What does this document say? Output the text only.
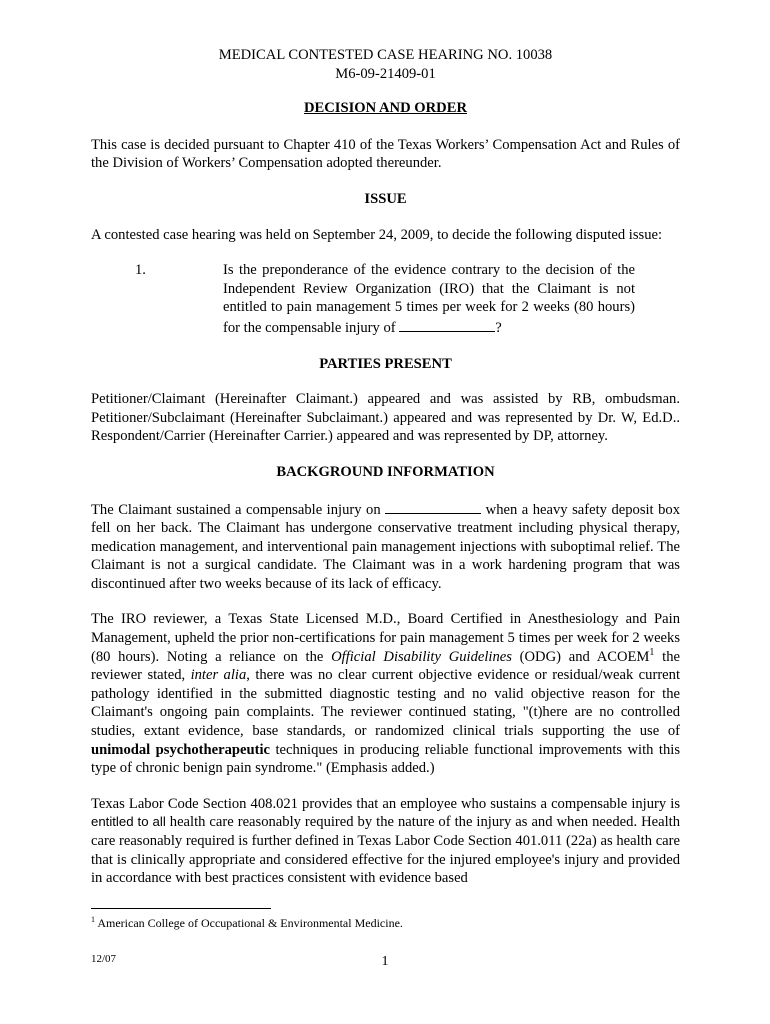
MEDICAL CONTESTED CASE HEARING NO. 10038

M6-09-21409-01

DECISION AND ORDER

This case is decided pursuant to Chapter 410 of the Texas Workers’ Compensation Act and Rules of the Division of Workers’ Compensation adopted thereunder.

ISSUE

A contested case hearing was held on September 24, 2009, to decide the following disputed issue:

1.	Is the preponderance of the evidence contrary to the decision of the Independent Review Organization (IRO) that the Claimant is not entitled to pain management 5 times per week for 2 weeks (80 hours) for the compensable injury of	?

PARTIES PRESENT

Petitioner/Claimant (Hereinafter Claimant.) appeared and was assisted by RB, ombudsman. Petitioner/Subclaimant (Hereinafter Subclaimant.) appeared and was represented by Dr. W, Ed.D.. Respondent/Carrier (Hereinafter Carrier.) appeared and was represented by DP, attorney.

BACKGROUND INFORMATION

The Claimant sustained a compensable injury on	when a heavy safety deposit box fell on her back. The Claimant has undergone conservative treatment including physical therapy, medication management, and interventional pain management injections with suboptimal relief. The Claimant is not a surgical candidate. The Claimant was in a work hardening program that was discontinued after two weeks because of its lack of efficacy.

The IRO reviewer, a Texas State Licensed M.D., Board Certified in Anesthesiology and Pain Management, upheld the prior non-certifications for pain management 5 times per week for 2 weeks (80 hours). Noting a reliance on the Official Disability Guidelines (ODG) and ACOEM$^1$ the reviewer stated, inter alia, there was no clear current objective evidence or residual/weak current pathology identified in the submitted diagnostic testing and no valid objective reason for the Claimant's ongoing pain complaints. The reviewer continued stating, "(t)here are no controlled studies, extant evidence, base standards, or randomized clinical trials supporting the use of unimodal psychotherapeutic techniques in producing reliable functional improvements with this type of chronic benign pain syndrome." (Emphasis added.)

Texas Labor Code Section 408.021 provides that an employee who sustains a compensable injury is entitled to all health care reasonably required by the nature of the injury as and when needed. Health care reasonably required is further defined in Texas Labor Code Section 401.011 (22a) as health care that is clinically appropriate and considered effective for the injured employee's injury and provided in accordance with best practices consistent with evidence based

$^1$ American College of Occupational & Environmental Medicine.
12/07	1
